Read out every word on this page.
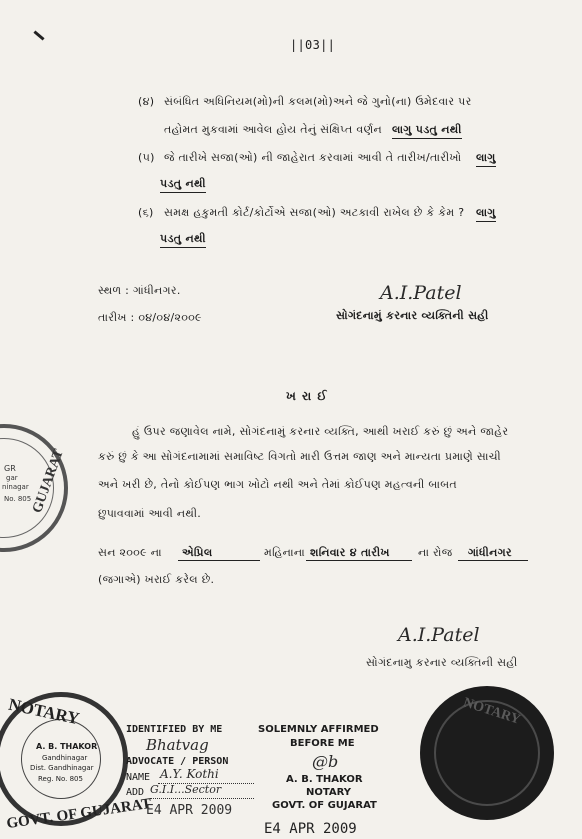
||03||
(૪) સંબંધિત અધિનિયમ(મો)ની કલમ(મો)અને જે ગુનો(ના) ઉમેદવાર પર
તહોમત મુકવામાં આવેલ હોય તેનું સંક્ષિપ્ત વર્ણન લાગુ પડતુ નથી
(૫) જે તારીખે સજા(ઓ) ની જાહેરાત કરવામાં આવી તે તારીખ/તારીખો લાગુ
પડતુ નથી
(૬) સમક્ષ હકુમતી કોર્ટ/કોર્ટોએ સજા(ઓ) અટકાવી રાખેલ છે કે કેમ ? લાગુ
પડતુ નથી
સ્થળ : ગાંધીનગર.
તારીખ : ૦૪/૦૪/૨૦૦૯
A.I.Patel
સોગંદનામું કરનાર વ્યક્તિની સહી
ખ રા ઈ
હું ઉપર જણાવેલ નામે, સોગંદનામું કરનાર વ્યક્તિ, આથી ખરાઈ કરું છું અને જાહેર
કરું છું કે આ સોગંદનામામાં સમાવિષ્ટ વિગતો મારી ઉત્તમ જાણ અને માન્યતા પ્રમાણે સાચી
અને ખરી છે, તેનો કોઈપણ ભાગ ખોટો નથી અને તેમાં કોઈપણ મહત્વની બાબત
છુપાવવામાં આવી નથી.
સન ૨૦૦૯ ના એપ્રિલ	મહિનાના શનિવાર ૪ તારીખ	ના રોજ ગાંધીનગર
(જગાએ) ખરાઈ કરેલ છે.
A.I.Patel
સોગંદનામુ કરનાર વ્યક્તિની સહી
GUJARAT
GR
gar
ninagar
No. 805
NOTARY
A. B. THAKOR
Gandhinagar
Dist. Gandhinagar
Reg. No. 805
GOVT. OF GUJARAT
IDENTIFIED BY ME
Bhatvag
ADVOCATE / PERSON
NAME A.Y. Kothi
ADD G.I.I...Sector
SOLEMNLY AFFIRMED
BEFORE ME
@b
A. B. THAKOR
NOTARY
GOVT. OF GUJARAT
E4 APR 2009
E4 APR 2009
NOTARY
